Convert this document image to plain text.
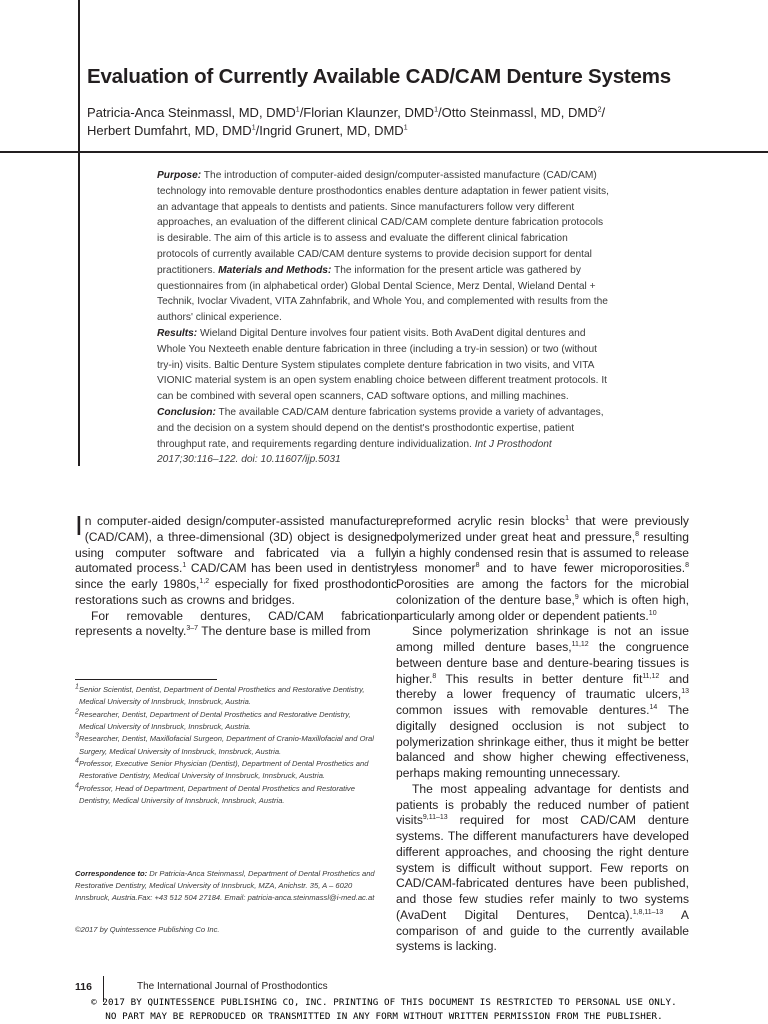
Evaluation of Currently Available CAD/CAM Denture Systems

Patricia-Anca Steinmassl, MD, DMD$^1$/Florian Klaunzer, DMD$^1$/Otto Steinmassl, MD, DMD$^2$/
Herbert Dumfahrt, MD, DMD$^1$/Ingrid Grunert, MD, DMD$^1$

Purpose: The introduction of computer-aided design/computer-assisted manufacture (CAD/CAM) technology into removable denture prosthodontics enables denture adaptation in fewer patient visits, an advantage that appeals to dentists and patients. Since manufacturers follow very different approaches, an evaluation of the different clinical CAD/CAM complete denture fabrication protocols is desirable. The aim of this article is to assess and evaluate the different clinical fabrication protocols of currently available CAD/CAM denture systems to provide decision support for dental practitioners. Materials and Methods: The information for the present article was gathered by questionnaires from (in alphabetical order) Global Dental Science, Merz Dental, Wieland Dental + Technik, Ivoclar Vivadent, VITA Zahnfabrik, and Whole You, and complemented with results from the authors' clinical experience.
Results: Wieland Digital Denture involves four patient visits. Both AvaDent digital dentures and Whole You Nexteeth enable denture fabrication in three (including a try-in session) or two (without try-in) visits. Baltic Denture System stipulates complete denture fabrication in two visits, and VITA VIONIC material system is an open system enabling choice between different treatment protocols. It can be combined with several open scanners, CAD software options, and milling machines. Conclusion: The available CAD/CAM denture fabrication systems provide a variety of advantages, and the decision on a system should depend on the dentist's prosthodontic expertise, patient throughput rate, and requirements regarding denture individualization. Int J Prosthodont 2017;30:116–122. doi: 10.11607/ijp.5031

In computer-aided design/computer-assisted manufacture (CAD/CAM), a three-dimensional (3D) object is designed using computer software and fabricated via a fully automated process.$^1$ CAD/CAM has been used in dentistry since the early 1980s,$^{1,2}$ especially for fixed prosthodontic restorations such as crowns and bridges.

For removable dentures, CAD/CAM fabrication represents a novelty.$^{3-7}$ The denture base is milled from

preformed acrylic resin blocks$^1$ that were previously polymerized under great heat and pressure,$^8$ resulting in a highly condensed resin that is assumed to release less monomer$^8$ and to have fewer microporosities.$^8$ Porosities are among the factors for the microbial colonization of the denture base,$^9$ which is often high, particularly among older or dependent patients.$^{10}$

Since polymerization shrinkage is not an issue among milled denture bases,$^{11,12}$ the congruence between denture base and denture-bearing tissues is higher.$^8$ This results in better denture fit$^{11,12}$ and thereby a lower frequency of traumatic ulcers,$^{13}$ common issues with removable dentures.$^{14}$ The digitally designed occlusion is not subject to polymerization shrinkage either, thus it might be better balanced and show higher chewing effectiveness, perhaps making remounting unnecessary.

The most appealing advantage for dentists and patients is probably the reduced number of patient visits$^{9,11-13}$ required for most CAD/CAM denture systems. The different manufacturers have developed different approaches, and choosing the right denture system is difficult without support. Few reports on CAD/CAM-fabricated dentures have been published, and those few studies refer mainly to two systems (AvaDent Digital Dentures, Dentca).$^{1,8,11-13}$ A comparison of and guide to the currently available systems is lacking.

$^1$Senior Scientist, Dentist, Department of Dental Prosthetics and Restorative Dentistry, Medical University of Innsbruck, Innsbruck, Austria.

$^2$Researcher, Dentist, Department of Dental Prosthetics and Restorative Dentistry, Medical University of Innsbruck, Innsbruck, Austria.

$^3$Researcher, Dentist, Maxillofacial Surgeon, Department of Cranio-Maxillofacial and Oral Surgery, Medical University of Innsbruck, Innsbruck, Austria.

$^4$Professor, Executive Senior Physician (Dentist), Department of Dental Prosthetics and Restorative Dentistry, Medical University of Innsbruck, Innsbruck, Austria.

$^4$Professor, Head of Department, Department of Dental Prosthetics and Restorative Dentistry, Medical University of Innsbruck, Innsbruck, Austria.

Correspondence to: Dr Patricia-Anca Steinmassl, Department of Dental Prosthetics and Restorative Dentistry, Medical University of Innsbruck, MZA, Anichstr. 35, A – 6020 Innsbruck, Austria.Fax: +43 512 504 27184. Email: patricia-anca.steinmassl@i-med.ac.at

©2017 by Quintessence Publishing Co Inc.
116	The International Journal of Prosthodontics
© 2017 BY QUINTESSENCE PUBLISHING CO, INC. PRINTING OF THIS DOCUMENT IS RESTRICTED TO PERSONAL USE ONLY.
NO PART MAY BE REPRODUCED OR TRANSMITTED IN ANY FORM WITHOUT WRITTEN PERMISSION FROM THE PUBLISHER.
